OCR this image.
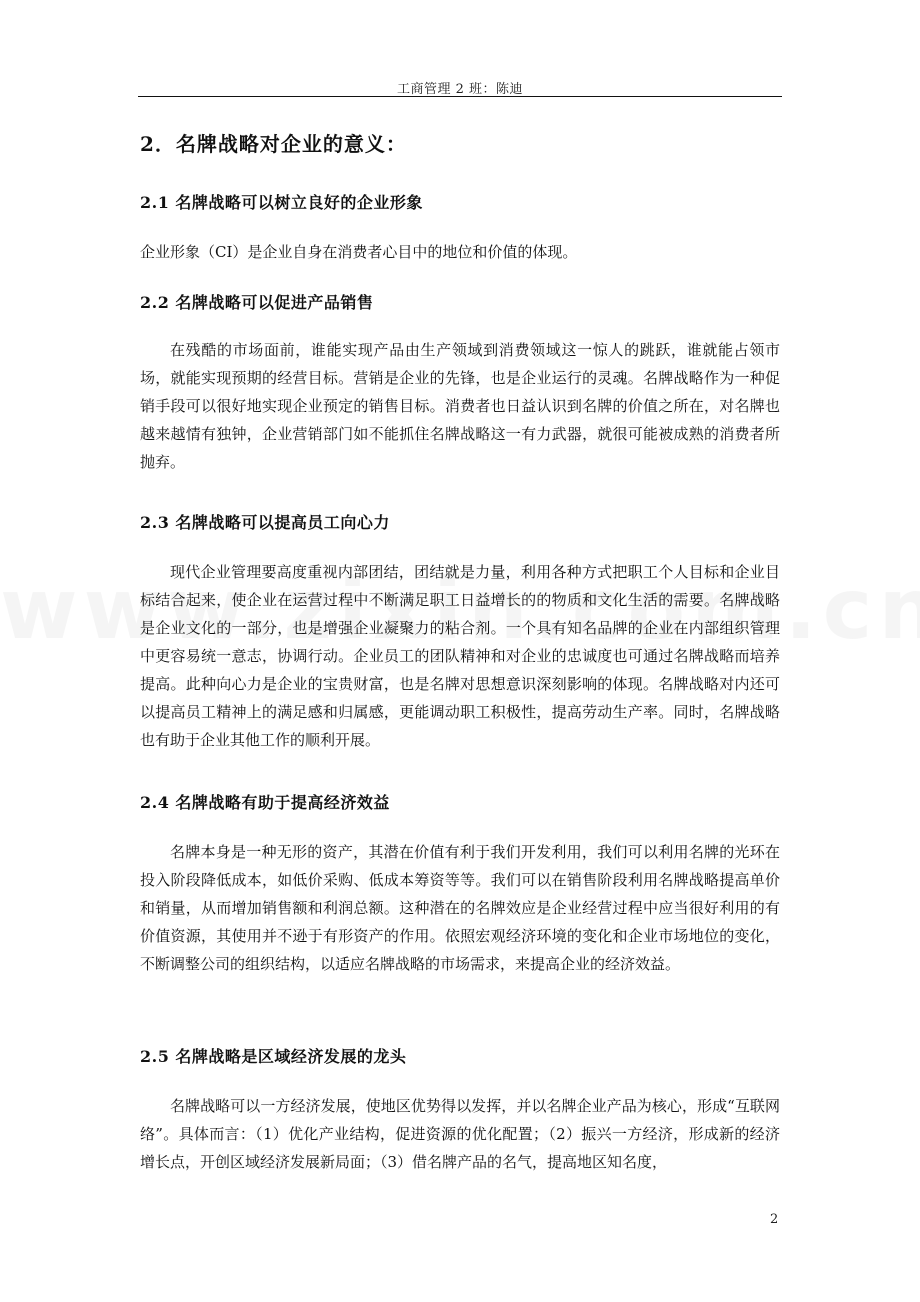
工商管理 2 班：陈迪
2．名牌战略对企业的意义：
2.1 名牌战略可以树立良好的企业形象

企业形象（CI）是企业自身在消费者心目中的地位和价值的体现。

2.2 名牌战略可以促进产品销售

在残酷的市场面前，谁能实现产品由生产领域到消费领域这一惊人的跳跃，谁就能占领市场，就能实现预期的经营目标。营销是企业的先锋，也是企业运行的灵魂。名牌战略作为一种促销手段可以很好地实现企业预定的销售目标。消费者也日益认识到名牌的价值之所在，对名牌也越来越情有独钟，企业营销部门如不能抓住名牌战略这一有力武器，就很可能被成熟的消费者所抛弃。

2.3 名牌战略可以提高员工向心力

现代企业管理要高度重视内部团结，团结就是力量，利用各种方式把职工个人目标和企业目标结合起来，使企业在运营过程中不断满足职工日益增长的的物质和文化生活的需要。名牌战略是企业文化的一部分，也是增强企业凝聚力的粘合剂。一个具有知名品牌的企业在内部组织管理中更容易统一意志，协调行动。企业员工的团队精神和对企业的忠诚度也可通过名牌战略而培养提高。此种向心力是企业的宝贵财富，也是名牌对思想意识深刻影响的体现。名牌战略对内还可以提高员工精神上的满足感和归属感，更能调动职工积极性，提高劳动生产率。同时，名牌战略也有助于企业其他工作的顺利开展。

2.4 名牌战略有助于提高经济效益

名牌本身是一种无形的资产，其潜在价值有利于我们开发利用，我们可以利用名牌的光环在投入阶段降低成本，如低价采购、低成本筹资等等。我们可以在销售阶段利用名牌战略提高单价和销量，从而增加销售额和利润总额。这种潜在的名牌效应是企业经营过程中应当很好利用的有价值资源，其使用并不逊于有形资产的作用。依照宏观经济环境的变化和企业市场地位的变化，不断调整公司的组织结构，以适应名牌战略的市场需求，来提高企业的经济效益。

2.5 名牌战略是区域经济发展的龙头

名牌战略可以一方经济发展，使地区优势得以发挥，并以名牌企业产品为核心，形成“互联网络”。具体而言：（1）优化产业结构，促进资源的优化配置；（2）振兴一方经济，形成新的经济增长点，开创区域经济发展新局面；（3）借名牌产品的名气，提高地区知名度，

2
